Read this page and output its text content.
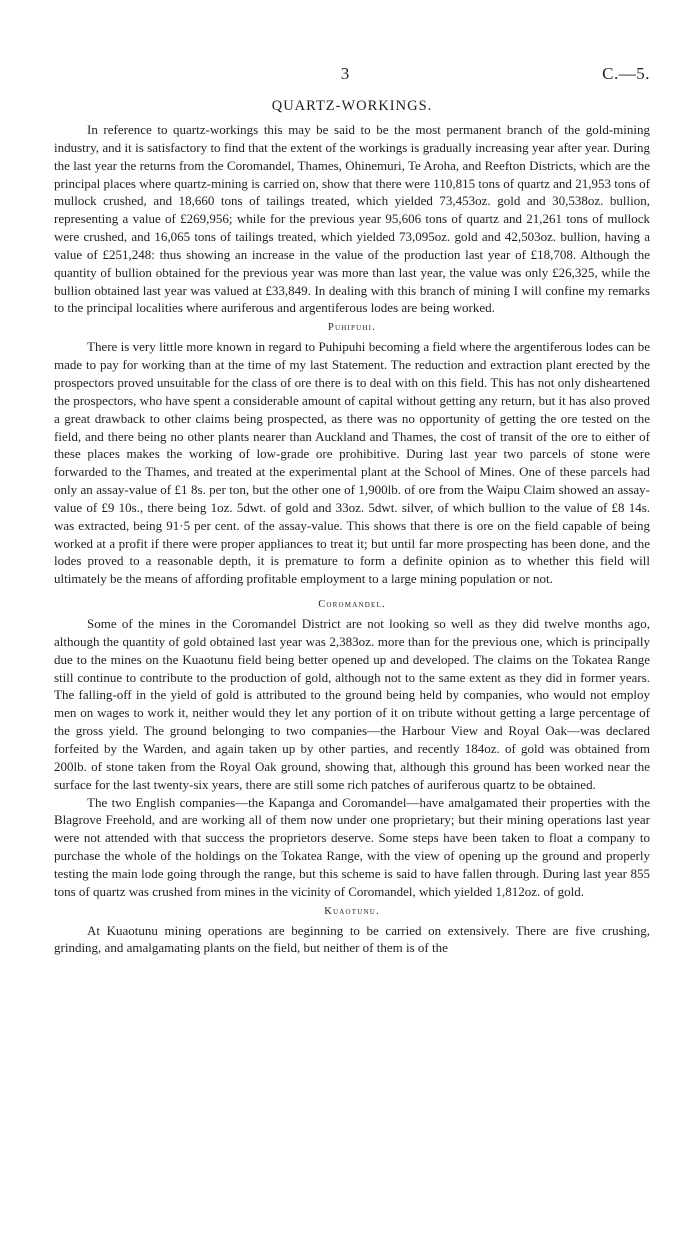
3	C.—5.
QUARTZ-WORKINGS.

In reference to quartz-workings this may be said to be the most permanent branch of the gold-mining industry, and it is satisfactory to find that the extent of the workings is gradually increasing year after year. During the last year the returns from the Coromandel, Thames, Ohinemuri, Te Aroha, and Reefton Districts, which are the principal places where quartz-mining is carried on, show that there were 110,815 tons of quartz and 21,953 tons of mullock crushed, and 18,660 tons of tailings treated, which yielded 73,453oz. gold and 30,538oz. bullion, representing a value of £269,956; while for the previous year 95,606 tons of quartz and 21,261 tons of mullock were crushed, and 16,065 tons of tailings treated, which yielded 73,095oz. gold and 42,503oz. bullion, having a value of £251,248: thus showing an increase in the value of the production last year of £18,708. Although the quantity of bullion obtained for the previous year was more than last year, the value was only £26,325, while the bullion obtained last year was valued at £33,849. In dealing with this branch of mining I will confine my remarks to the principal localities where auriferous and argentiferous lodes are being worked.

Puhipuhi.

There is very little more known in regard to Puhipuhi becoming a field where the argentiferous lodes can be made to pay for working than at the time of my last Statement. The reduction and extraction plant erected by the prospectors proved unsuitable for the class of ore there is to deal with on this field. This has not only disheartened the prospectors, who have spent a considerable amount of capital without getting any return, but it has also proved a great drawback to other claims being prospected, as there was no opportunity of getting the ore tested on the field, and there being no other plants nearer than Auckland and Thames, the cost of transit of the ore to either of these places makes the working of low-grade ore prohibitive. During last year two parcels of stone were forwarded to the Thames, and treated at the experimental plant at the School of Mines. One of these parcels had only an assay-value of £1 8s. per ton, but the other one of 1,900lb. of ore from the Waipu Claim showed an assay-value of £9 10s., there being 1oz. 5dwt. of gold and 33oz. 5dwt. silver, of which bullion to the value of £8 14s. was extracted, being 91·5 per cent. of the assay-value. This shows that there is ore on the field capable of being worked at a profit if there were proper appliances to treat it; but until far more prospecting has been done, and the lodes proved to a reasonable depth, it is premature to form a definite opinion as to whether this field will ultimately be the means of affording profitable employment to a large mining population or not.

Coromandel.

Some of the mines in the Coromandel District are not looking so well as they did twelve months ago, although the quantity of gold obtained last year was 2,383oz. more than for the previous one, which is principally due to the mines on the Kuaotunu field being better opened up and developed. The claims on the Tokatea Range still continue to contribute to the production of gold, although not to the same extent as they did in former years. The falling-off in the yield of gold is attributed to the ground being held by companies, who would not employ men on wages to work it, neither would they let any portion of it on tribute without getting a large percentage of the gross yield. The ground belonging to two companies—the Harbour View and Royal Oak—was declared forfeited by the Warden, and again taken up by other parties, and recently 184oz. of gold was obtained from 200lb. of stone taken from the Royal Oak ground, showing that, although this ground has been worked near the surface for the last twenty-six years, there are still some rich patches of auriferous quartz to be obtained.

The two English companies—the Kapanga and Coromandel—have amalgamated their properties with the Blagrove Freehold, and are working all of them now under one proprietary; but their mining operations last year were not attended with that success the proprietors deserve. Some steps have been taken to float a company to purchase the whole of the holdings on the Tokatea Range, with the view of opening up the ground and properly testing the main lode going through the range, but this scheme is said to have fallen through. During last year 855 tons of quartz was crushed from mines in the vicinity of Coromandel, which yielded 1,812oz. of gold.

Kuaotunu.

At Kuaotunu mining operations are beginning to be carried on extensively. There are five crushing, grinding, and amalgamating plants on the field, but neither of them is of the
